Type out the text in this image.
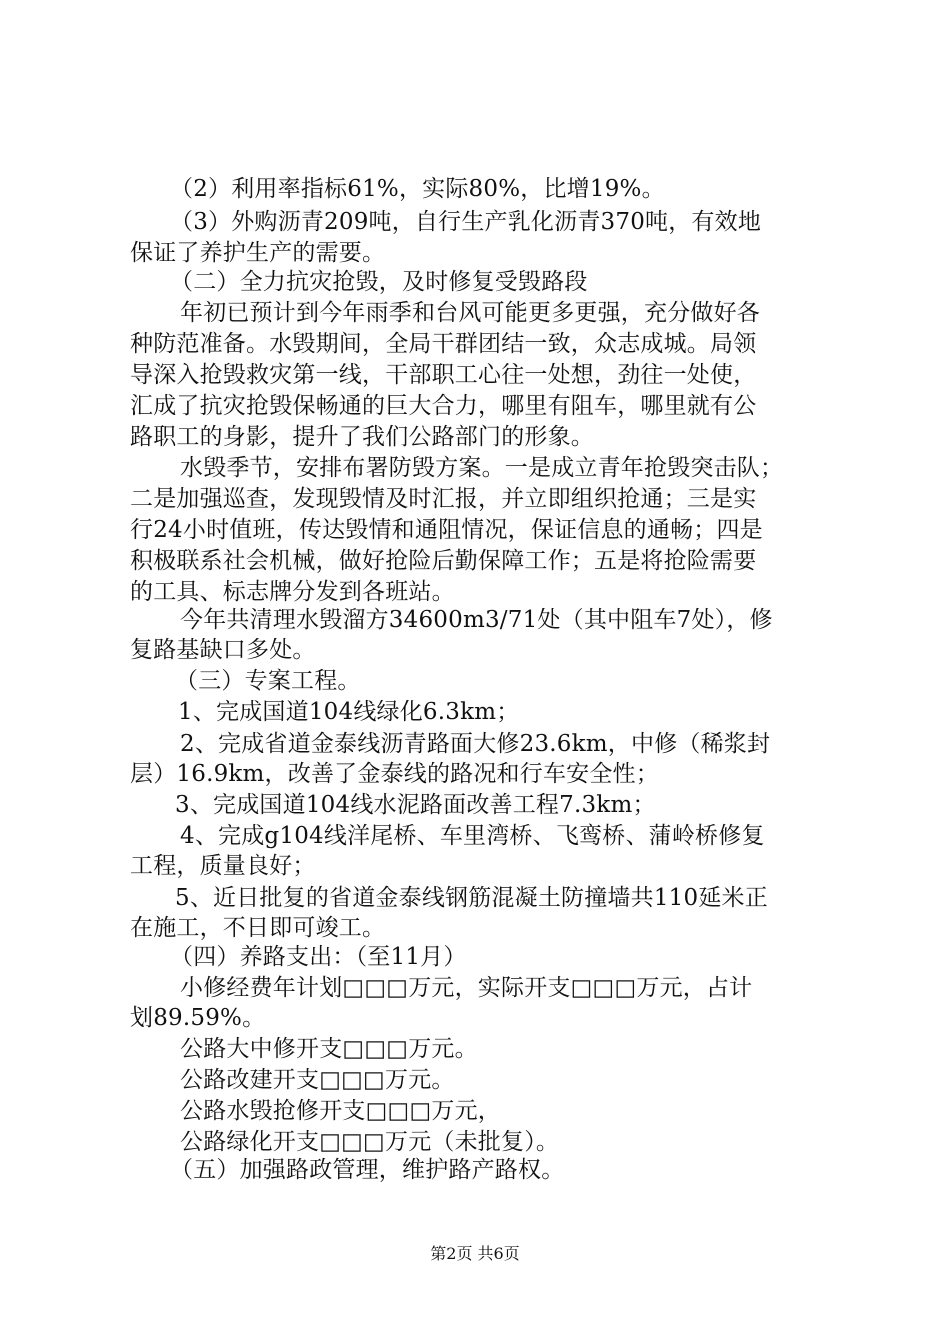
（2）利用率指标61%，实际80%，比增19%。
（3）外购沥青209吨，自行生产乳化沥青370吨，有效地
保证了养护生产的需要。
（二）全力抗灾抢毁，及时修复受毁路段
年初已预计到今年雨季和台风可能更多更强，充分做好各
种防范准备。水毁期间，全局干群团结一致，众志成城。局领
导深入抢毁救灾第一线，干部职工心往一处想，劲往一处使，
汇成了抗灾抢毁保畅通的巨大合力，哪里有阻车，哪里就有公
路职工的身影，提升了我们公路部门的形象。
水毁季节，安排布署防毁方案。一是成立青年抢毁突击队；
二是加强巡查，发现毁情及时汇报，并立即组织抢通；三是实
行24小时值班，传达毁情和通阻情况，保证信息的通畅；四是
积极联系社会机械，做好抢险后勤保障工作；五是将抢险需要
的工具、标志牌分发到各班站。
今年共清理水毁溜方34600m3/71处（其中阻车7处），修
复路基缺口多处。
（三）专案工程。
1、完成国道104线绿化6.3km；
2、完成省道金泰线沥青路面大修23.6km，中修（稀浆封
层）16.9km，改善了金泰线的路况和行车安全性；
3、完成国道104线水泥路面改善工程7.3km；
4、完成g104线洋尾桥、车里湾桥、飞鸾桥、蒲岭桥修复
工程，质量良好；
5、近日批复的省道金泰线钢筋混凝土防撞墙共110延米正
在施工，不日即可竣工。
（四）养路支出：（至11月）
小修经费年计划□□□万元，实际开支□□□万元，占计
划89.59%。
公路大中修开支□□□万元。
公路改建开支□□□万元。
公路水毁抢修开支□□□万元，
公路绿化开支□□□万元（未批复）。
（五）加强路政管理，维护路产路权。
第2页 共6页
